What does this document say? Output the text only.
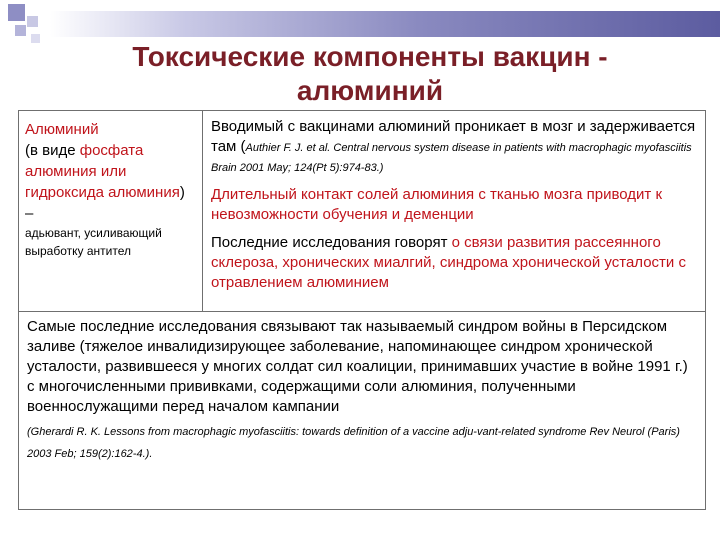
Токсические компоненты вакцин -
алюминий
Алюминий
(в виде фосфата алюминия или гидроксида алюминия) –
адьювант, усиливающий выработку антител

Вводимый с вакцинами алюминий проникает в мозг и задерживается там (Authier F. J. et al. Central nervous system disease in patients with macrophagic myofasciitis Brain 2001 May; 124(Pt 5):974-83.)

Длительный контакт солей алюминия с тканью мозга приводит к невозможности обучения и деменции

Последние исследования говорят о связи развития рассеянного склероза, хронических миалгий, синдрома хронической усталости с отравлением алюминием

Самые последние исследования связывают так называемый синдром войны в Персидском заливе (тяжелое инвалидизирующее заболевание, напоминающее синдром хронической усталости, развившееся у многих солдат сил коалиции, принимавших участие в войне 1991 г.) с многочисленными прививками, содержащими соли алюминия, полученными военнослужащими перед началом кампании
(Gherardi R. K. Lessons from macrophagic myofasciitis: towards definition of a vaccine adju-vant-related syndrome Rev Neurol (Paris) 2003 Feb; 159(2):162-4.).
